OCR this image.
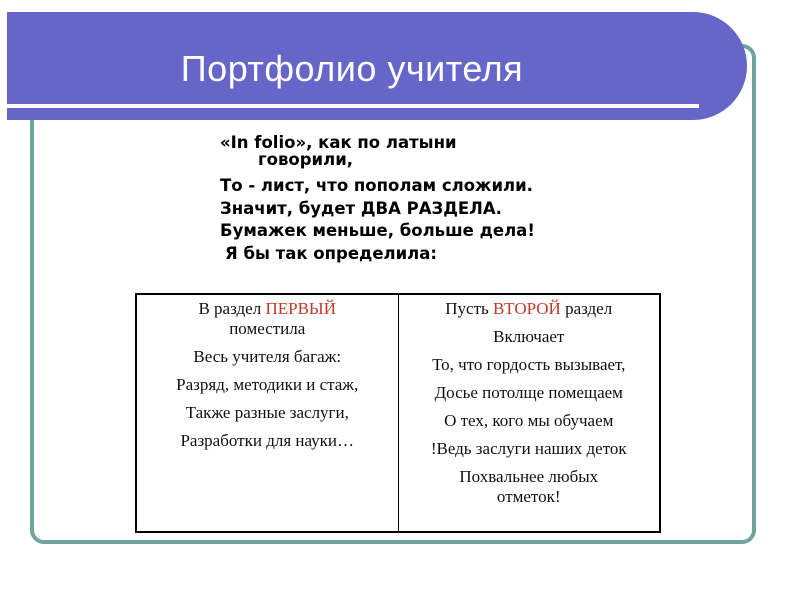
Портфолио учителя
«In folio», как по латыни
говорили,
То - лист, что пополам сложили.
Значит, будет ДВА РАЗДЕЛА.
Бумажек меньше, больше дела!
Я бы так определила:
В раздел ПЕРВЫЙ
поместила
Весь учителя багаж:
Разряд, методики и стаж,
Также разные заслуги,
Разработки для науки…
Пусть ВТОРОЙ раздел
Включает
То, что гордость вызывает,
Досье потолще помещаем
О тех, кого мы обучаем
!Ведь заслуги наших деток
Похвальнее любых
отметок!
